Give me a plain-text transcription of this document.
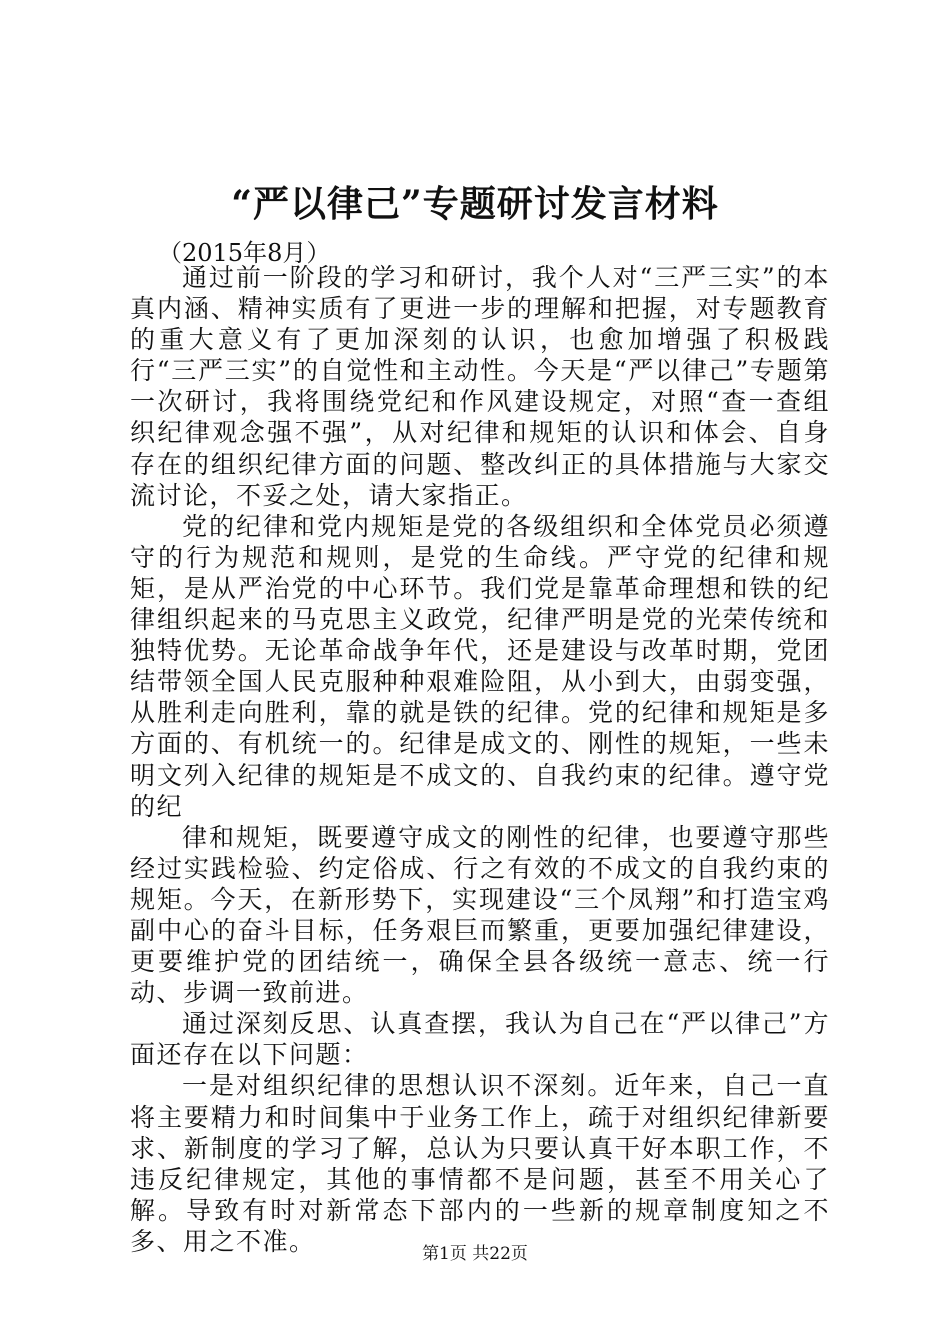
“严以律己”专题研讨发言材料
（2015年8月）

通过前一阶段的学习和研讨，我个人对“三严三实”的本真内涵、精神实质有了更进一步的理解和把握，对专题教育的重大意义有了更加深刻的认识，也愈加增强了积极践行“三严三实”的自觉性和主动性。今天是“严以律己”专题第一次研讨，我将围绕党纪和作风建设规定，对照“查一查组织纪律观念强不强”，从对纪律和规矩的认识和体会、自身存在的组织纪律方面的问题、整改纠正的具体措施与大家交流讨论，不妥之处，请大家指正。

党的纪律和党内规矩是党的各级组织和全体党员必须遵守的行为规范和规则，是党的生命线。严守党的纪律和规矩，是从严治党的中心环节。我们党是靠革命理想和铁的纪律组织起来的马克思主义政党，纪律严明是党的光荣传统和独特优势。无论革命战争年代，还是建设与改革时期，党团结带领全国人民克服种种艰难险阻，从小到大，由弱变强，从胜利走向胜利，靠的就是铁的纪律。党的纪律和规矩是多方面的、有机统一的。纪律是成文的、刚性的规矩，一些未明文列入纪律的规矩是不成文的、自我约束的纪律。遵守党的纪

律和规矩，既要遵守成文的刚性的纪律，也要遵守那些经过实践检验、约定俗成、行之有效的不成文的自我约束的规矩。今天，在新形势下，实现建设“三个凤翔”和打造宝鸡副中心的奋斗目标，任务艰巨而繁重，更要加强纪律建设，更要维护党的团结统一，确保全县各级统一意志、统一行动、步调一致前进。

通过深刻反思、认真查摆，我认为自己在“严以律己”方面还存在以下问题：

一是对组织纪律的思想认识不深刻。近年来，自己一直将主要精力和时间集中于业务工作上，疏于对组织纪律新要求、新制度的学习了解，总认为只要认真干好本职工作，不违反纪律规定，其他的事情都不是问题，甚至不用关心了解。导致有时对新常态下部内的一些新的规章制度知之不多、用之不准。	第1页 共22页
